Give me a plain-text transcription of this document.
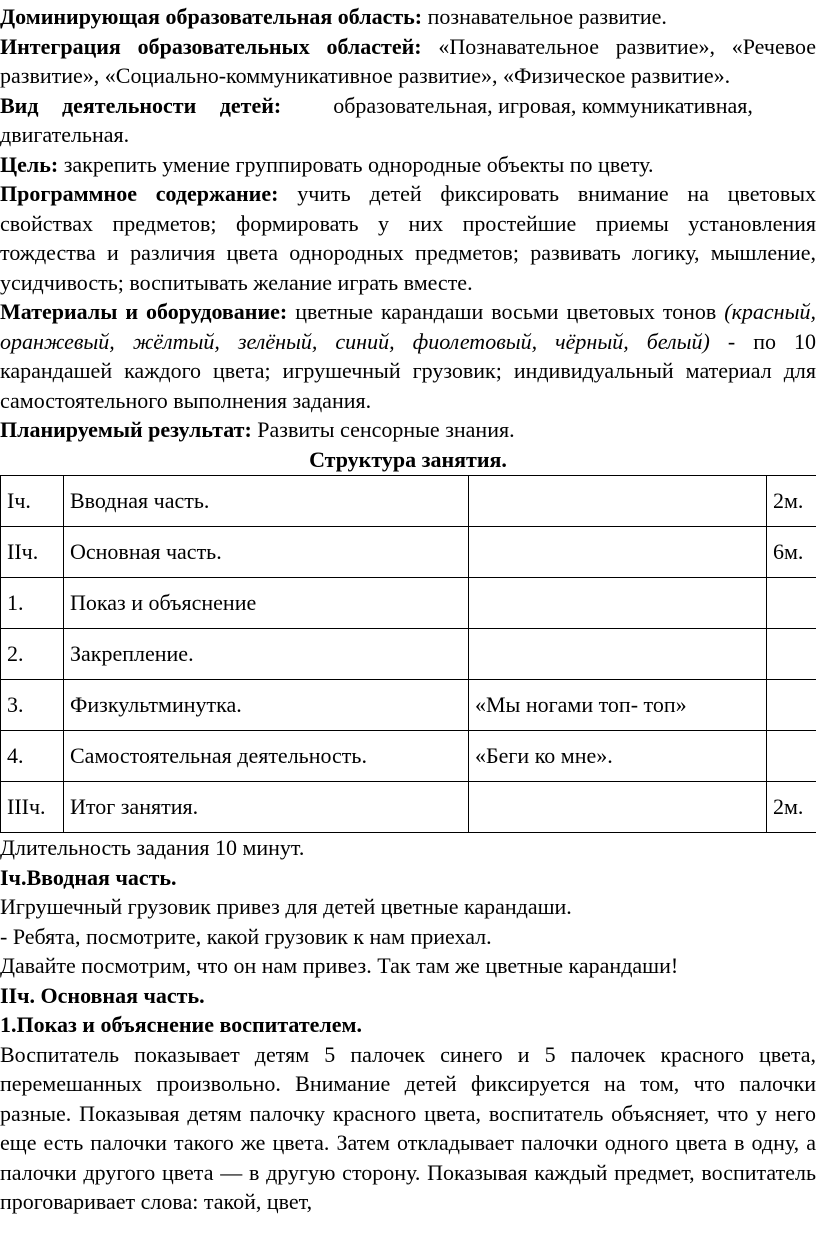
Доминирующая образовательная область: познавательное развитие.

Интеграция образовательных областей: «Познавательное развитие», «Речевое развитие», «Социально-коммуникативное развитие», «Физическое развитие».

Вид деятельности детей: образовательная, игровая, коммуникативная, двигательная.

Цель: закрепить умение группировать однородные объекты по цвету.

Программное содержание: учить детей фиксировать внимание на цветовых свойствах предметов; формировать у них простейшие приемы установления тождества и различия цвета однородных предметов; развивать логику, мышление, усидчивость; воспитывать желание играть вместе.

Материалы и оборудование: цветные карандаши восьми цветовых тонов (красный, оранжевый, жёлтый, зелёный, синий, фиолетовый, чёрный, белый) - по 10 карандашей каждого цвета; игрушечный грузовик; индивидуальный материал для самостоятельного выполнения задания.

Планируемый результат: Развиты сенсорные знания.

Структура занятия.

Iч.	Вводная часть.		2м.
IIч.	Основная часть.		6м.
1.	Показ и объяснение		
2.	Закрепление.		
3.	Физкультминутка.	«Мы ногами топ- топ»	
4.	Самостоятельная деятельность.	«Беги ко мне».	
IIIч.	Итог занятия.		2м.

Длительность задания 10 минут.

Iч.Вводная часть.

Игрушечный грузовик привез для детей цветные карандаши.

- Ребята, посмотрите, какой грузовик к нам приехал.

Давайте посмотрим, что он нам привез. Так там же цветные карандаши!

IIч. Основная часть.

1.Показ и объяснение воспитателем.

Воспитатель показывает детям 5 палочек синего и 5 палочек красного цвета, перемешанных произвольно. Внимание детей фиксируется на том, что палочки разные. Показывая детям палочку красного цвета, воспитатель объясняет, что у него еще есть палочки такого же цвета. Затем откладывает палочки одного цвета в одну, а палочки другого цвета — в другую сторону. Показывая каждый предмет, воспитатель проговаривает слова: такой, цвет,
